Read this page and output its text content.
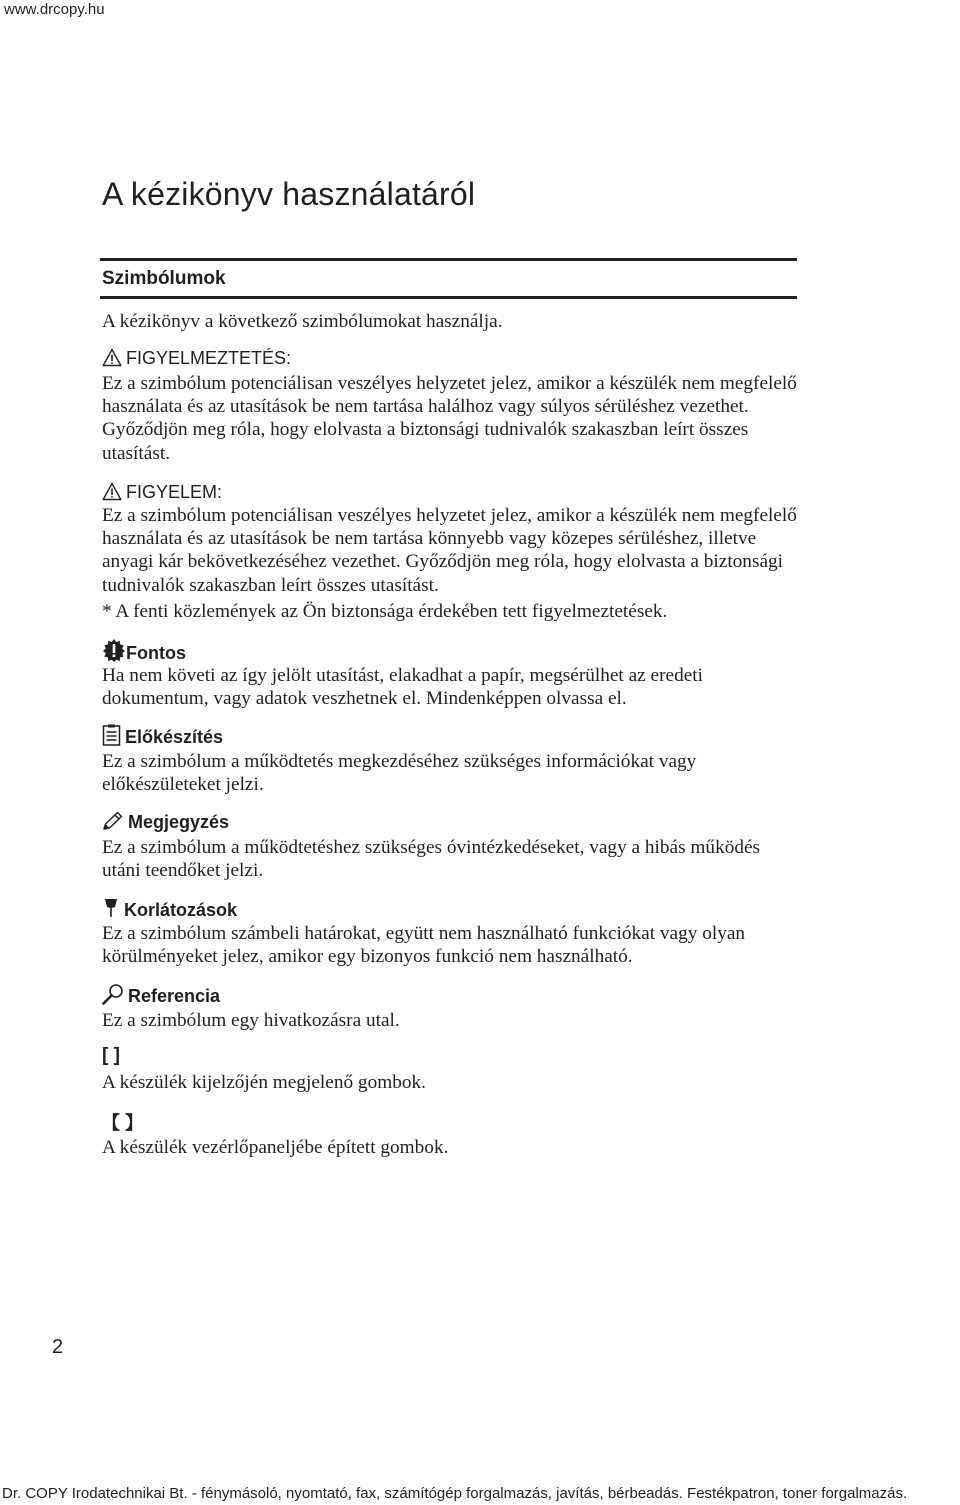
www.drcopy.hu
A kézikönyv használatáról
Szimbólumok

A kézikönyv a következő szimbólumokat használja.

FIGYELMEZTETÉS:

Ez a szimbólum potenciálisan veszélyes helyzetet jelez, amikor a készülék nem megfelelő használata és az utasítások be nem tartása halálhoz vagy súlyos sérüléshez vezethet. Győződjön meg róla, hogy elolvasta a biztonsági tudnivalók szakaszban leírt összes utasítást.

FIGYELEM:

Ez a szimbólum potenciálisan veszélyes helyzetet jelez, amikor a készülék nem megfelelő használata és az utasítások be nem tartása könnyebb vagy közepes sérüléshez, illetve anyagi kár bekövetkezéséhez vezethet. Győződjön meg róla, hogy elolvasta a biztonsági tudnivalók szakaszban leírt összes utasítást.

* A fenti közlemények az Ön biztonsága érdekében tett figyelmeztetések.

Fontos

Ha nem követi az így jelölt utasítást, elakadhat a papír, megsérülhet az eredeti dokumentum, vagy adatok veszhetnek el. Mindenképpen olvassa el.

Előkészítés

Ez a szimbólum a működtetés megkezdéséhez szükséges információkat vagy előkészületeket jelzi.

Megjegyzés

Ez a szimbólum a működtetéshez szükséges óvintézkedéseket, vagy a hibás működés utáni teendőket jelzi.

Korlátozások

Ez a szimbólum számbeli határokat, együtt nem használható funkciókat vagy olyan körülményeket jelez, amikor egy bizonyos funkció nem használható.

Referencia

Ez a szimbólum egy hivatkozásra utal.

[ ]

A készülék kijelzőjén megjelenő gombok.

【 】

A készülék vezérlőpaneljébe épített gombok.

2
Dr. COPY Irodatechnikai Bt. - fénymásoló, nyomtató, fax, számítógép forgalmazás, javítás, bérbeadás. Festékpatron, toner forgalmazás.
